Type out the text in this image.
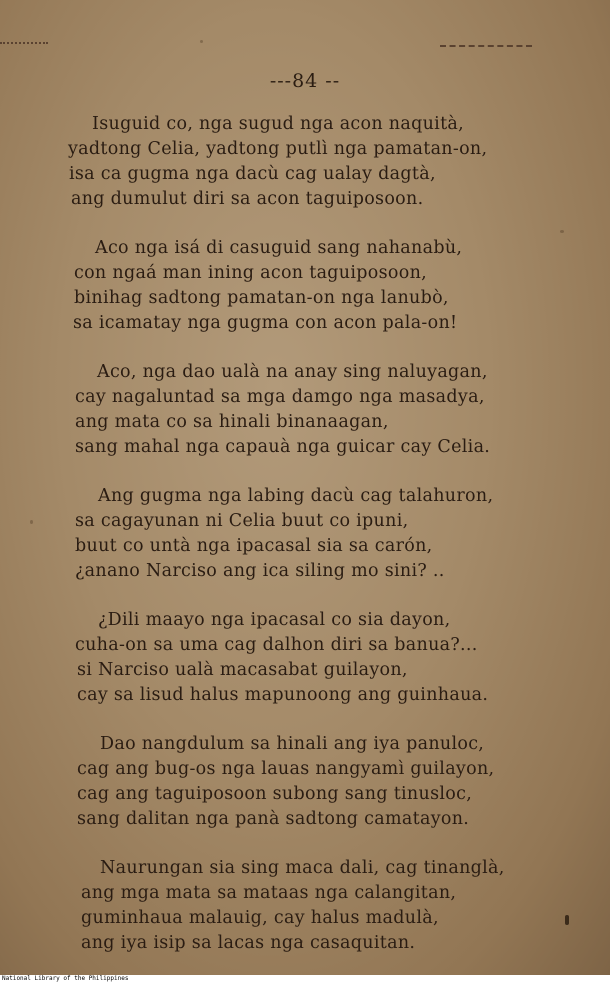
---84 --
Isuguid co, nga sugud nga acon naquità,
yadtong Celia, yadtong putlì nga pamatan-on,
isa ca gugma nga dacù cag ualay dagtà,
ang dumulut diri sa acon taguiposoon.
Aco nga isá di casuguid sang nahanabù,
con ngaá man ining acon taguiposoon,
binihag sadtong pamatan-on nga lanubò,
sa icamatay nga gugma con acon pala-on!
Aco, nga dao ualà na anay sing naluyagan,
cay nagaluntad sa mga damgo nga masadya,
ang mata co sa hinali binanaagan,
sang mahal nga capauà nga guicar cay Celia.
Ang gugma nga labing dacù cag talahuron,
sa cagayunan ni Celia buut co ipuni,
buut co untà nga ipacasal sia sa carón,
¿anano Narciso ang ica siling mo sini? ..
¿Dili maayo nga ipacasal co sia dayon,
cuha-on sa uma cag dalhon diri sa banua?...
si Narciso ualà macasabat guilayon,
cay sa lisud halus mapunoong ang guinhaua.
Dao nangdulum sa hinali ang iya panuloc,
cag ang bug-os nga lauas nangyamì guilayon,
cag ang taguiposoon subong sang tinusloc,
sang dalitan nga panà sadtong camatayon.
Naurungan sia sing maca dali, cag tinanglà,
ang mga mata sa mataas nga calangitan,
guminhaua malauig, cay halus madulà,
ang iya isip sa lacas nga casaquitan.
National Library of the Philippines
